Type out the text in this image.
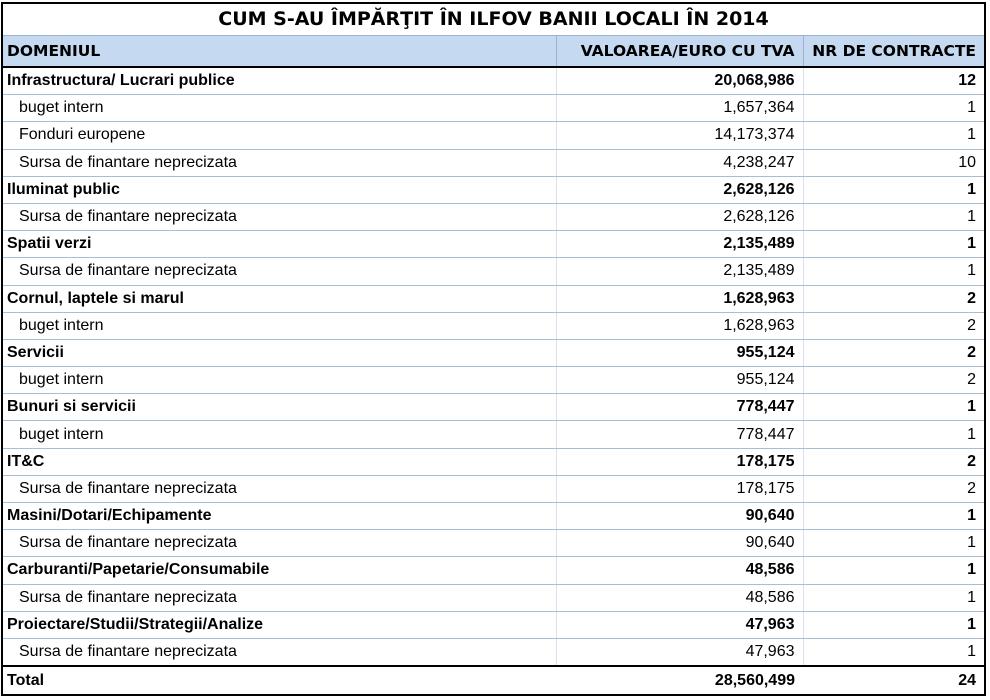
CUM S-AU ÎMPĂRŢIT ÎN ILFOV BANII LOCALI ÎN 2014
DOMENIUL	VALOAREA/EURO CU TVA	NR DE CONTRACTE
Infrastructura/ Lucrari publice	20,068,986	12
buget intern	1,657,364	1
Fonduri europene	14,173,374	1
Sursa de finantare neprecizata	4,238,247	10
Iluminat public	2,628,126	1
Sursa de finantare neprecizata	2,628,126	1
Spatii verzi	2,135,489	1
Sursa de finantare neprecizata	2,135,489	1
Cornul, laptele si marul	1,628,963	2
buget intern	1,628,963	2
Servicii	955,124	2
buget intern	955,124	2
Bunuri si servicii	778,447	1
buget intern	778,447	1
IT&C	178,175	2
Sursa de finantare neprecizata	178,175	2
Masini/Dotari/Echipamente	90,640	1
Sursa de finantare neprecizata	90,640	1
Carburanti/Papetarie/Consumabile	48,586	1
Sursa de finantare neprecizata	48,586	1
Proiectare/Studii/Strategii/Analize	47,963	1
Sursa de finantare neprecizata	47,963	1
Total	28,560,499	24
